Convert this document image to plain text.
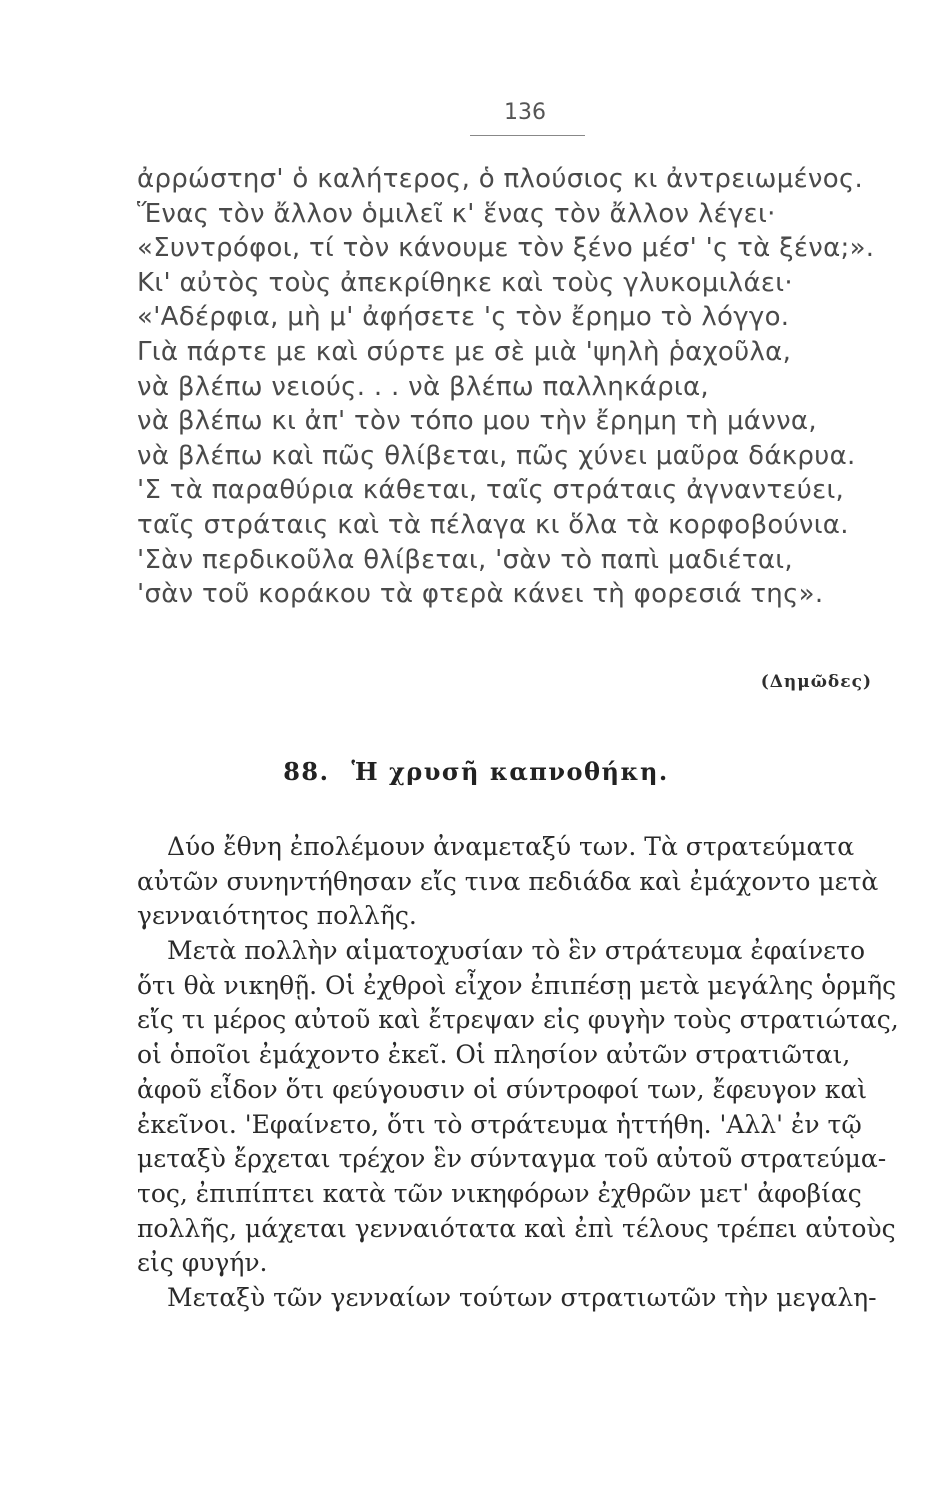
136
ἀρρώστησ' ὁ καλήτερος, ὁ πλούσιος κι ἀντρειωμένος.
Ἕνας τὸν ἄλλον ὁμιλεῖ κ' ἕνας τὸν ἄλλον λέγει·
«Συντρόφοι, τί τὸν κάνουμε τὸν ξένο μέσ' 'ς τὰ ξένα;».
Κι' αὐτὸς τοὺς ἀπεκρίθηκε καὶ τοὺς γλυκομιλάει·
«'Αδέρφια, μὴ μ' ἀφήσετε 'ς τὸν ἔρημο τὸ λόγγο.
Γιὰ πάρτε με καὶ σύρτε με σὲ μιὰ 'ψηλὴ ῥαχοῦλα,
νὰ βλέπω νειούς. . . νὰ βλέπω παλληκάρια,
νὰ βλέπω κι ἀπ' τὸν τόπο μου τὴν ἔρημη τὴ μάννα,
νὰ βλέπω καὶ πῶς θλίβεται, πῶς χύνει μαῦρα δάκρυα.
'Σ τὰ παραθύρια κάθεται, ταῖς στράταις ἀγναντεύει,
ταῖς στράταις καὶ τὰ πέλαγα κι ὅλα τὰ κορφοβούνια.
'Σὰν περδικοῦλα θλίβεται, 'σὰν τὸ παπὶ μαδιέται,
'σὰν τοῦ κοράκου τὰ φτερὰ κάνει τὴ φορεσιά της».
(Δημῶδες)
88. Ἡ χρυσῆ καπνοθήκη.
Δύο ἔθνη ἐπολέμουν ἀναμεταξύ των. Τὰ στρατεύματα
αὐτῶν συνηντήθησαν εἴς τινα πεδιάδα καὶ ἐμάχοντο μετὰ
γενναιότητος πολλῆς.
Μετὰ πολλὴν αἱματοχυσίαν τὸ ἓν στράτευμα ἐφαίνετο
ὅτι θὰ νικηθῇ. Οἱ ἐχθροὶ εἶχον ἐπιπέσῃ μετὰ μεγάλης ὁρμῆς
εἴς τι μέρος αὐτοῦ καὶ ἔτρεψαν εἰς φυγὴν τοὺς στρατιώτας,
οἱ ὁποῖοι ἐμάχοντο ἐκεῖ. Οἱ πλησίον αὐτῶν στρατιῶται,
ἀφοῦ εἶδον ὅτι φεύγουσιν οἱ σύντροφοί των, ἔφευγον καὶ
ἐκεῖνοι. 'Εφαίνετο, ὅτι τὸ στράτευμα ἡττήθη. 'Αλλ' ἐν τῷ
μεταξὺ ἔρχεται τρέχον ἓν σύνταγμα τοῦ αὐτοῦ στρατεύμα-
τος, ἐπιπίπτει κατὰ τῶν νικηφόρων ἐχθρῶν μετ' ἀφοβίας
πολλῆς, μάχεται γενναιότατα καὶ ἐπὶ τέλους τρέπει αὐτοὺς
εἰς φυγήν.
Μεταξὺ τῶν γενναίων τούτων στρατιωτῶν τὴν μεγαλη-
